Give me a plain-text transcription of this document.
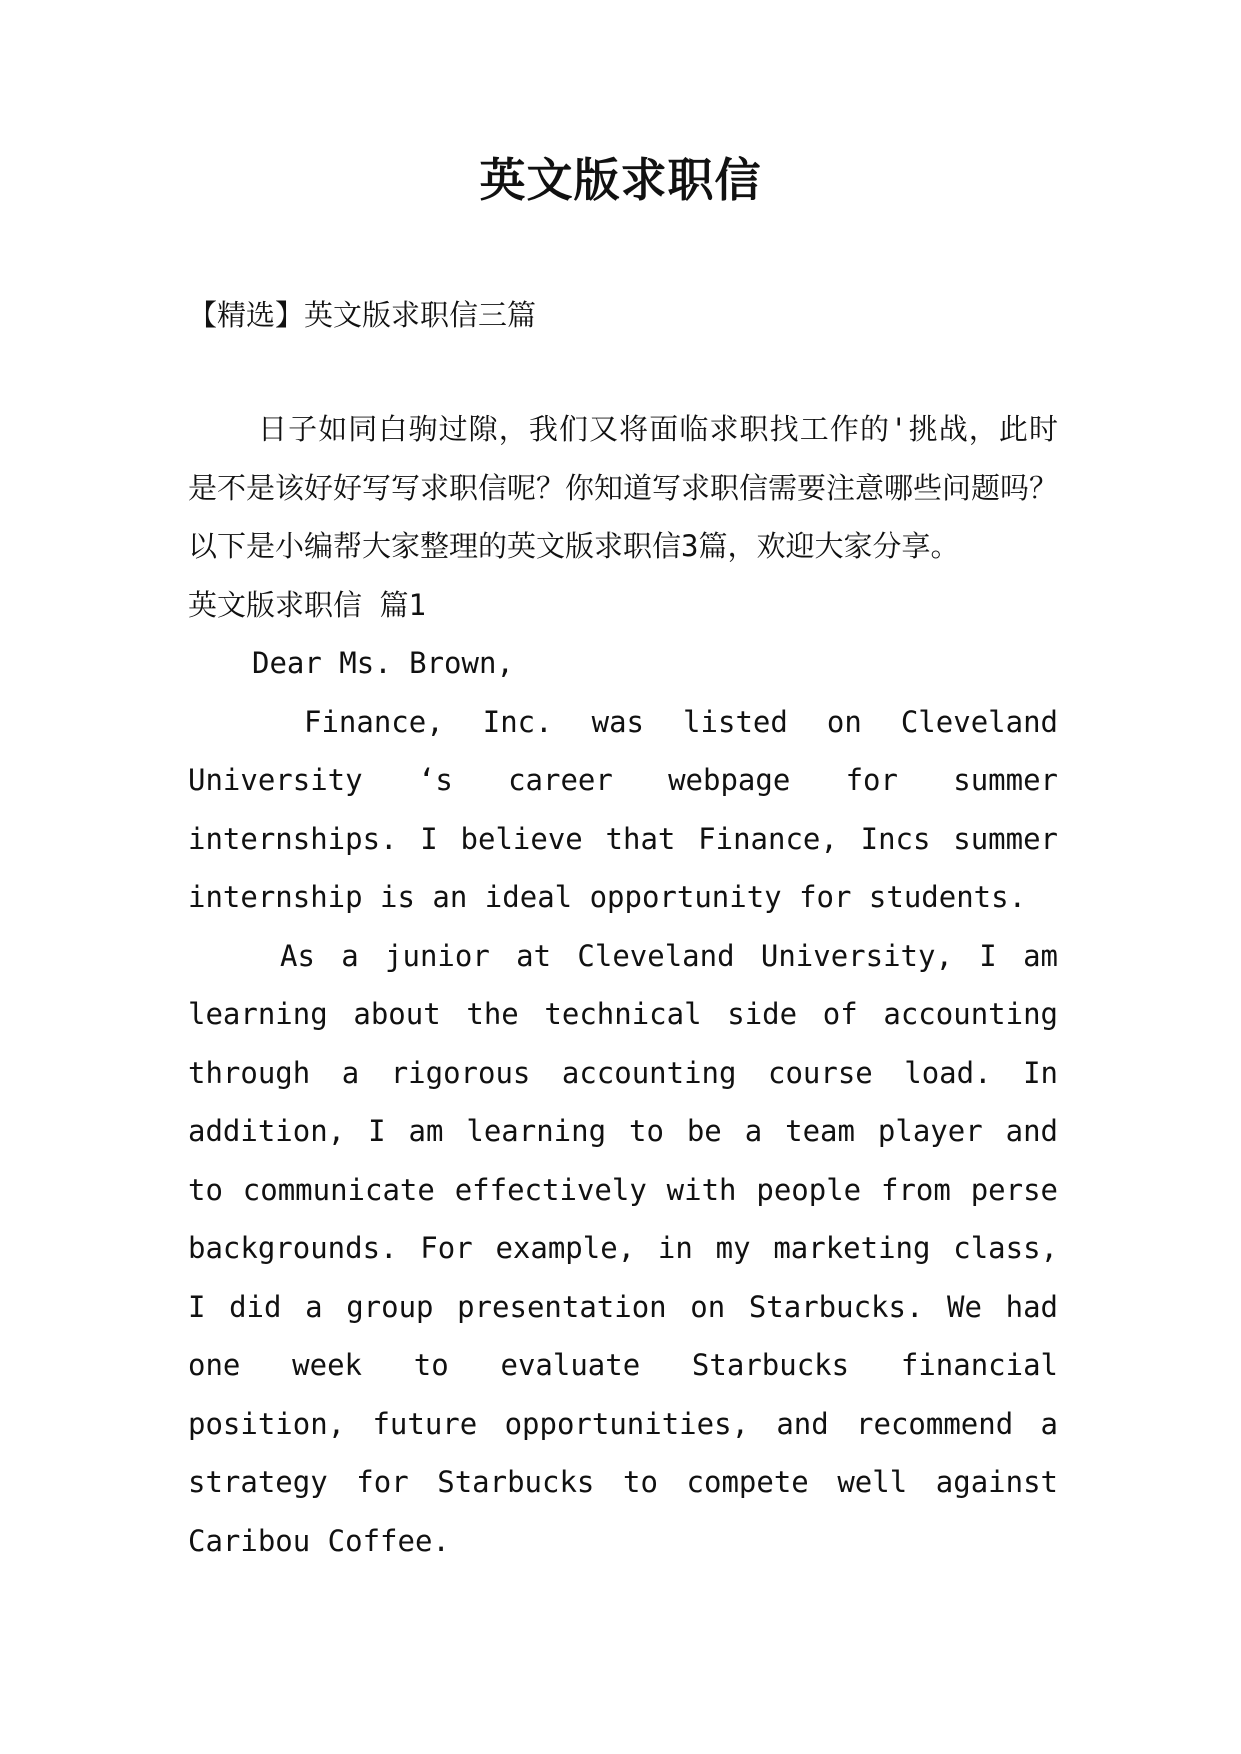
英文版求职信
【精选】英文版求职信三篇

日子如同白驹过隙，我们又将面临求职找工作的'挑战，此时是不是该好好写写求职信呢？你知道写求职信需要注意哪些问题吗？以下是小编帮大家整理的英文版求职信3篇，欢迎大家分享。

英文版求职信 篇1
Dear Ms. Brown,

Finance, Inc. was listed on Cleveland University ‘s career webpage for summer internships. I believe that Finance, Incs summer internship is an ideal opportunity for students.

As a junior at Cleveland University, I am learning about the technical side of accounting through a rigorous accounting course load. In addition, I am learning to be a team player and to communicate effectively with people from perse backgrounds. For example, in my marketing class, I did a group presentation on Starbucks. We had one week to evaluate Starbucks financial position, future opportunities, and recommend a strategy for Starbucks to compete well against Caribou Coffee.
